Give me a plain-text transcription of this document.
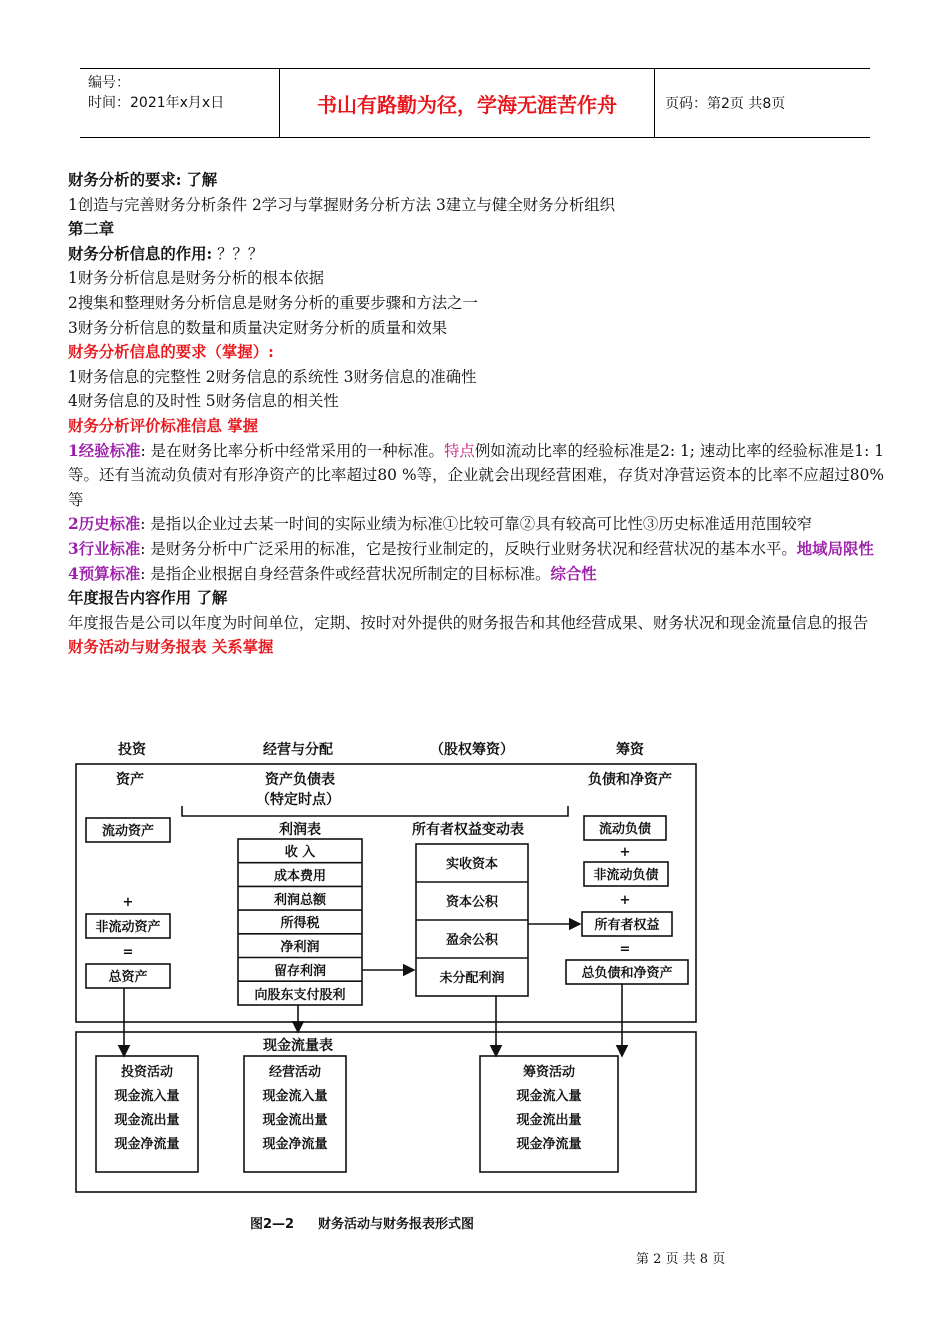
编号：
时间：2021年x月x日	书山有路勤为径，学海无涯苦作舟	页码：第2页 共8页

财务分析的要求: 了解

1创造与完善财务分析条件 2学习与掌握财务分析方法 3建立与健全财务分析组织

第二章

财务分析信息的作用: ？？？

1财务分析信息是财务分析的根本依据

2搜集和整理财务分析信息是财务分析的重要步骤和方法之一

3财务分析信息的数量和质量决定财务分析的质量和效果

财务分析信息的要求（掌握）:

1财务信息的完整性 2财务信息的系统性 3财务信息的准确性

4财务信息的及时性 5财务信息的相关性

财务分析评价标准信息 掌握

1经验标准: 是在财务比率分析中经常采用的一种标准。特点例如流动比率的经验标准是2: 1; 速动比率的经验标准是1: 1等。还有当流动负债对有形净资产的比率超过80 %等，企业就会出现经营困难，存货对净营运资本的比率不应超过80%等

2历史标准: 是指以企业过去某一时间的实际业绩为标准①比较可靠②具有较高可比性③历史标准适用范围较窄

3行业标准: 是财务分析中广泛采用的标准，它是按行业制定的，反映行业财务状况和经营状况的基本水平。地域局限性

4预算标准: 是指企业根据自身经营条件或经营状况所制定的目标标准。综合性

年度报告内容作用 了解

年度报告是公司以年度为时间单位，定期、按时对外提供的财务报告和其他经营成果、财务状况和现金流量信息的报告

财务活动与财务报表 关系掌握

投资	经营与分配	（股权筹资）	筹资
资产	资产负债表
（特定时点）
负债和净资产
流动资产
+
非流动资产
=
总资产
利润表
收 入
成本费用
利润总额
所得税
净利润
留存利润
向股东支付股利
所有者权益变动表
实收资本
资本公积
盈余公积
未分配利润
流动负债
+
非流动负债
+
所有者权益
=
总负债和净资产
现金流量表
投资活动
现金流入量
现金流出量
现金净流量
经营活动
现金流入量
现金流出量
现金净流量
筹资活动
现金流入量
现金流出量
现金净流量
图2—2 财务活动与财务报表形式图
第 2 页 共 8 页
